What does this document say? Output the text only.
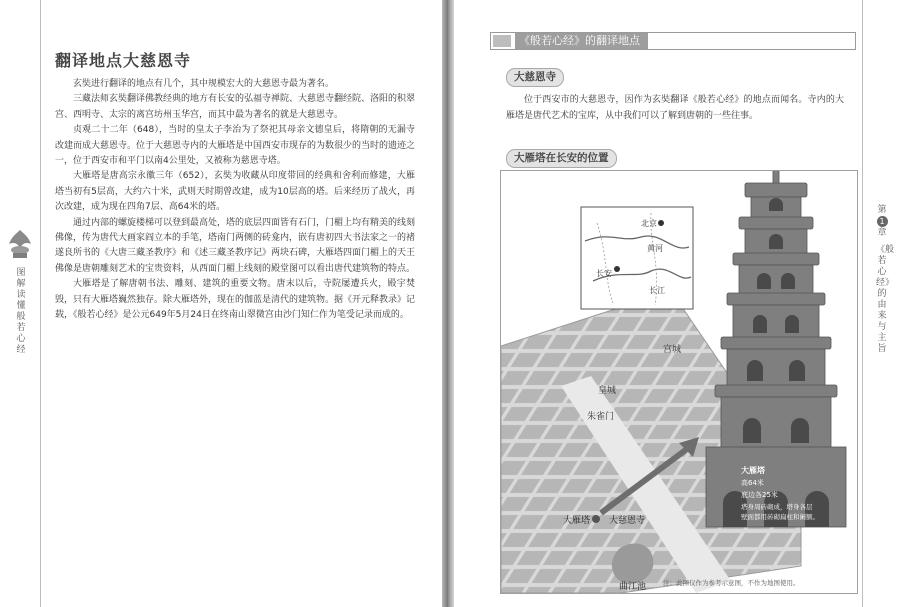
图解读懂般若心经
翻译地点大慈恩寺

玄奘进行翻译的地点有几个，其中规模宏大的大慈恩寺最为著名。

三藏法师玄奘翻译佛教经典的地方有长安的弘福寺禅院、大慈恩寺翻经院、洛阳的积翠宫、西明寺、太宗的离宫坊州玉华宫，而其中最为著名的就是大慈恩寺。

贞观二十二年（648），当时的皇太子李治为了祭祀其母亲文德皇后，将隋朝的无漏寺改建而成大慈恩寺。位于大慈恩寺内的大雁塔是中国西安市现存的为数很少的当时的遗迹之一，位于西安市和平门以南4公里处，又被称为慈恩寺塔。

大雁塔是唐高宗永徽三年（652），玄奘为收藏从印度带回的经典和舍利而修建，大雁塔当初有5层高，大约六十米，武则天时期曾改建，成为10层高的塔。后来经历了战火，再次改建，成为现在四角7层、高64米的塔。

通过内部的螺旋楼梯可以登到最高处，塔的底层四面皆有石门，门楣上均有精美的线刻佛像，传为唐代大画家阎立本的手笔，塔南门两侧的砖龛内，嵌有唐初四大书法家之一的褚遂良所书的《大唐三藏圣教序》和《述三藏圣教序记》两块石碑，大雁塔四面门楣上的天王佛像是唐朝雕刻艺术的宝贵资料，从西面门楣上线刻的殿堂图可以看出唐代建筑物的特点。

大雁塔是了解唐朝书法、雕刻、建筑的重要文物。唐末以后，寺院屡遭兵火，殿宇焚毁，只有大雁塔巍然独存。除大雁塔外，现在的伽蓝是清代的建筑物。据《开元释教录》记载，《般若心经》是公元649年5月24日在终南山翠微宫由沙门知仁作为笔受记录而成的。

《般若心经》的翻译地点
大慈恩寺

位于西安市的大慈恩寺，因作为玄奘翻译《般若心经》的地点而闻名。寺内的大雁塔是唐代艺术的宝库，从中我们可以了解到唐朝的一些往事。

大雁塔在长安的位置
北京
黄河
长安
长江
宫城
皇城
朱雀门
大雁塔 大慈恩寺
曲江池
大雁塔
高64米
底边各25米
塔身周砖砌成，塔身各层
壁面都用砖砌扁柱和阑额。
注：此图仅作为参考示意图，不作为地图使用。
第
1
章
《般若心经》的由来与主旨
